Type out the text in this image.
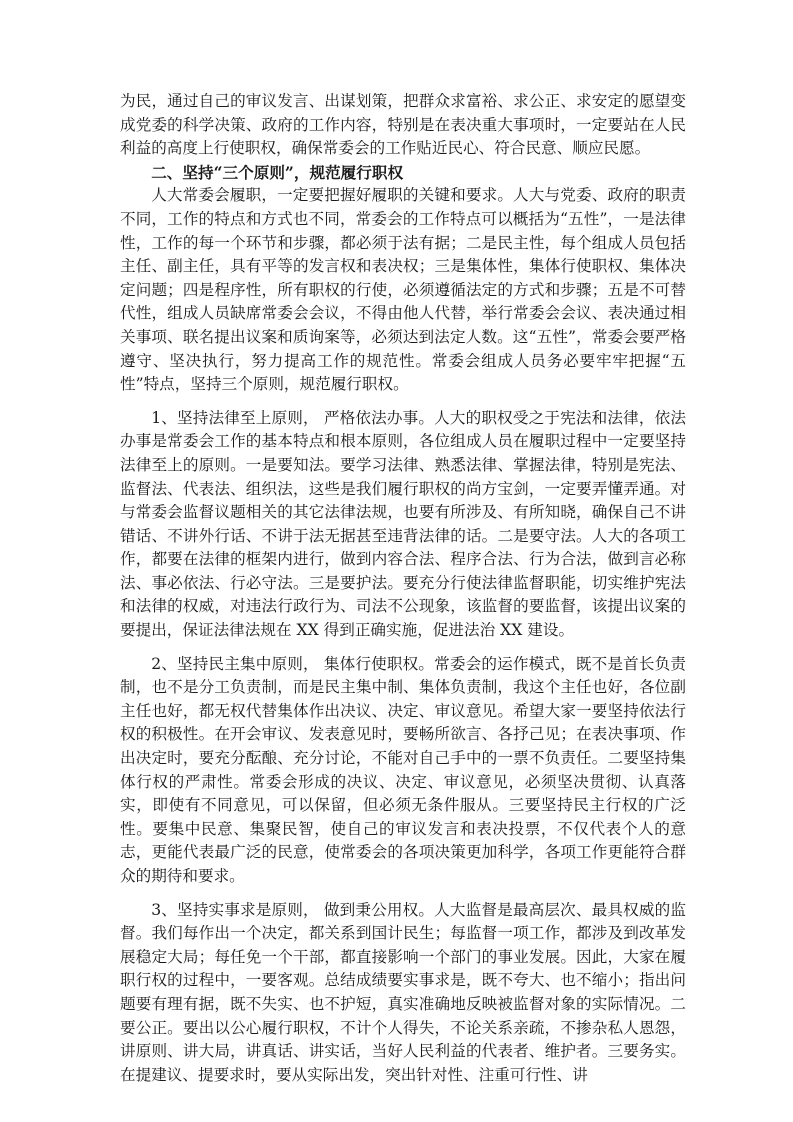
为民，通过自己的审议发言、出谋划策，把群众求富裕、求公正、求安定的愿望变成党委的科学决策、政府的工作内容，特别是在表决重大事项时，一定要站在人民利益的高度上行使职权，确保常委会的工作贴近民心、符合民意、顺应民愿。

二、坚持“三个原则”，规范履行职权

人大常委会履职，一定要把握好履职的关键和要求。人大与党委、政府的职责不同，工作的特点和方式也不同，常委会的工作特点可以概括为“五性”，一是法律性，工作的每一个环节和步骤，都必须于法有据；二是民主性，每个组成人员包括主任、副主任，具有平等的发言权和表决权；三是集体性，集体行使职权、集体决定问题；四是程序性，所有职权的行使，必须遵循法定的方式和步骤；五是不可替代性，组成人员缺席常委会会议，不得由他人代替，举行常委会会议、表决通过相关事项、联名提出议案和质询案等，必须达到法定人数。这“五性”，常委会要严格遵守、坚决执行，努力提高工作的规范性。常委会组成人员务必要牢牢把握“五性”特点，坚持三个原则，规范履行职权。

1、坚持法律至上原则， 严格依法办事。人大的职权受之于宪法和法律，依法办事是常委会工作的基本特点和根本原则，各位组成人员在履职过程中一定要坚持法律至上的原则。一是要知法。要学习法律、熟悉法律、掌握法律，特别是宪法、监督法、代表法、组织法，这些是我们履行职权的尚方宝剑，一定要弄懂弄通。对与常委会监督议题相关的其它法律法规，也要有所涉及、有所知晓，确保自己不讲错话、不讲外行话、不讲于法无据甚至违背法律的话。二是要守法。人大的各项工作，都要在法律的框架内进行，做到内容合法、程序合法、行为合法，做到言必称法、事必依法、行必守法。三是要护法。要充分行使法律监督职能，切实维护宪法和法律的权威，对违法行政行为、司法不公现象，该监督的要监督，该提出议案的要提出，保证法律法规在 XX 得到正确实施，促进法治 XX 建设。

2、坚持民主集中原则， 集体行使职权。常委会的运作模式，既不是首长负责制，也不是分工负责制，而是民主集中制、集体负责制，我这个主任也好，各位副主任也好，都无权代替集体作出决议、决定、审议意见。希望大家一要坚持依法行权的积极性。在开会审议、发表意见时，要畅所欲言、各抒己见；在表决事项、作出决定时，要充分酝酿、充分讨论，不能对自己手中的一票不负责任。二要坚持集体行权的严肃性。常委会形成的决议、决定、审议意见，必须坚决贯彻、认真落实，即使有不同意见，可以保留，但必须无条件服从。三要坚持民主行权的广泛性。要集中民意、集聚民智，使自己的审议发言和表决投票，不仅代表个人的意志，更能代表最广泛的民意，使常委会的各项决策更加科学，各项工作更能符合群众的期待和要求。

3、坚持实事求是原则， 做到秉公用权。人大监督是最高层次、最具权威的监督。我们每作出一个决定，都关系到国计民生；每监督一项工作，都涉及到改革发展稳定大局；每任免一个干部，都直接影响一个部门的事业发展。因此，大家在履职行权的过程中，一要客观。总结成绩要实事求是，既不夸大、也不缩小；指出问题要有理有据，既不失实、也不护短，真实准确地反映被监督对象的实际情况。二要公正。要出以公心履行职权，不计个人得失，不论关系亲疏，不掺杂私人恩怨，讲原则、讲大局，讲真话、讲实话，当好人民利益的代表者、维护者。三要务实。在提建议、提要求时，要从实际出发，突出针对性、注重可行性、讲
